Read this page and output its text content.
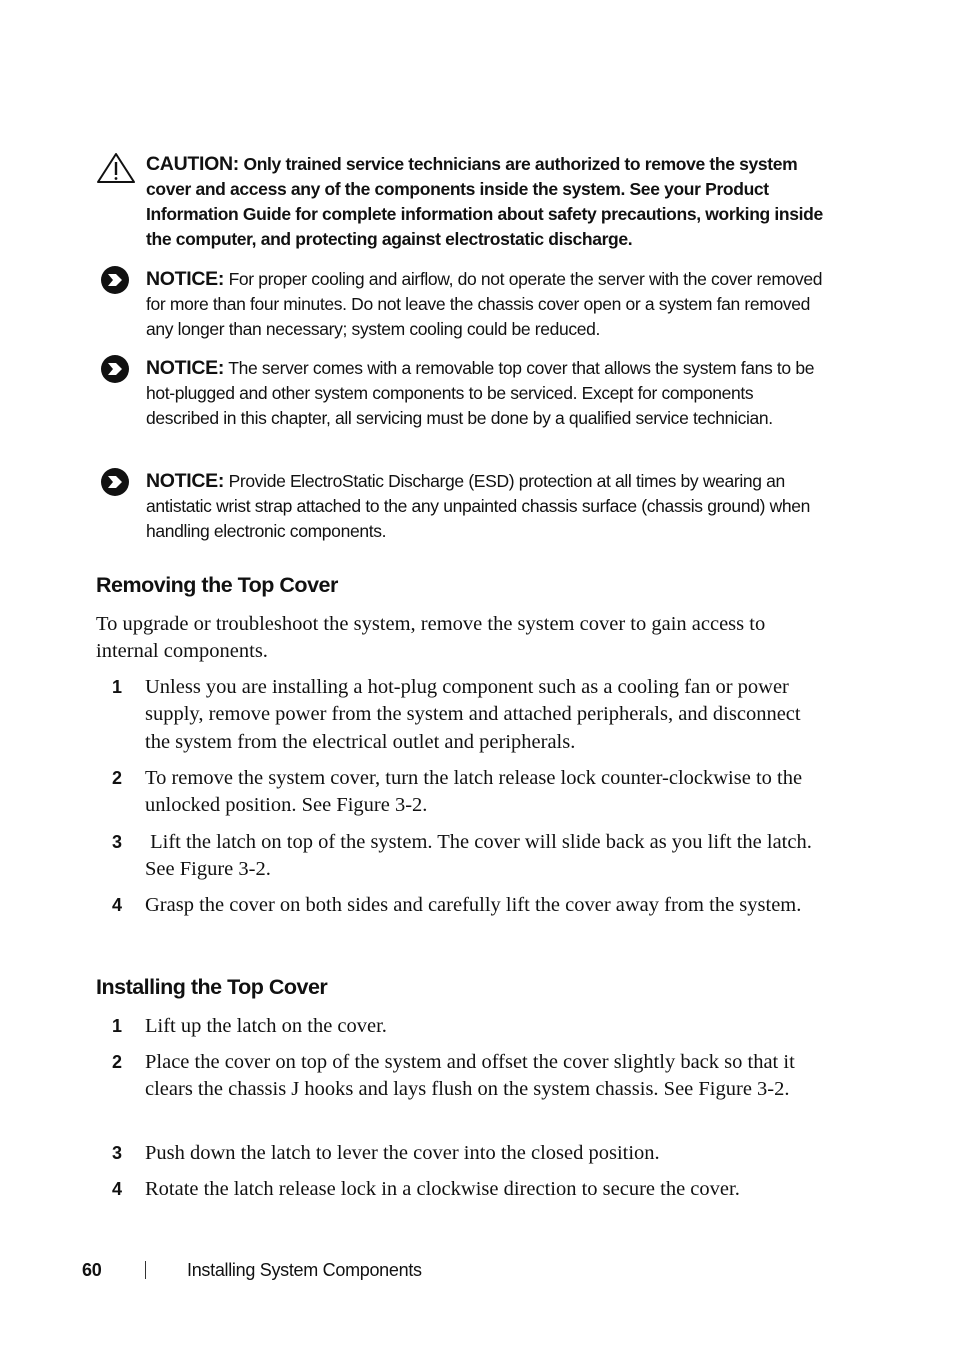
CAUTION: Only trained service technicians are authorized to remove the system cover and access any of the components inside the system. See your Product Information Guide for complete information about safety precautions, working inside the computer, and protecting against electrostatic discharge.
NOTICE: For proper cooling and airflow, do not operate the server with the cover removed for more than four minutes. Do not leave the chassis cover open or a system fan removed any longer than necessary; system cooling could be reduced.
NOTICE: The server comes with a removable top cover that allows the system fans to be hot-plugged and other system components to be serviced. Except for components described in this chapter, all servicing must be done by a qualified service technician.
NOTICE: Provide ElectroStatic Discharge (ESD) protection at all times by wearing an antistatic wrist strap attached to the any unpainted chassis surface (chassis ground) when handling electronic components.
Removing the Top Cover

To upgrade or troubleshoot the system, remove the system cover to gain access to internal components.

1 Unless you are installing a hot-plug component such as a cooling fan or power supply, remove power from the system and attached peripherals, and disconnect the system from the electrical outlet and peripherals.
2 To remove the system cover, turn the latch release lock counter-clockwise to the unlocked position. See Figure 3-2.
3 Lift the latch on top of the system. The cover will slide back as you lift the latch. See Figure 3-2.
4 Grasp the cover on both sides and carefully lift the cover away from the system.
Installing the Top Cover
1 Lift up the latch on the cover.
2 Place the cover on top of the system and offset the cover slightly back so that it clears the chassis J hooks and lays flush on the system chassis. See Figure 3-2.
3 Push down the latch to lever the cover into the closed position.
4 Rotate the latch release lock in a clockwise direction to secure the cover.
60	Installing System Components
